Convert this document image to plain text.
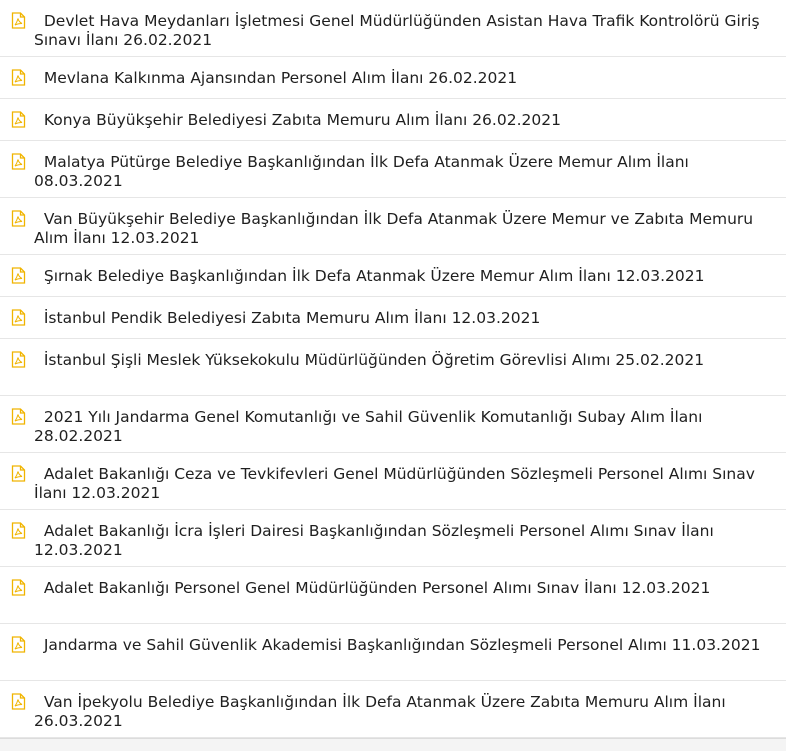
Devlet Hava Meydanları İşletmesi Genel Müdürlüğünden Asistan Hava Trafik Kontrolörü Giriş Sınavı İlanı 26.02.2021
Mevlana Kalkınma Ajansından Personel Alım İlanı 26.02.2021
Konya Büyükşehir Belediyesi Zabıta Memuru Alım İlanı 26.02.2021
Malatya Pütürge Belediye Başkanlığından İlk Defa Atanmak Üzere Memur Alım İlanı 08.03.2021
Van Büyükşehir Belediye Başkanlığından İlk Defa Atanmak Üzere Memur ve Zabıta Memuru Alım İlanı 12.03.2021
Şırnak Belediye Başkanlığından İlk Defa Atanmak Üzere Memur Alım İlanı 12.03.2021
İstanbul Pendik Belediyesi Zabıta Memuru Alım İlanı 12.03.2021
İstanbul Şişli Meslek Yüksekokulu Müdürlüğünden Öğretim Görevlisi Alımı 25.02.2021
2021 Yılı Jandarma Genel Komutanlığı ve Sahil Güvenlik Komutanlığı Subay Alım İlanı 28.02.2021
Adalet Bakanlığı Ceza ve Tevkifevleri Genel Müdürlüğünden Sözleşmeli Personel Alımı Sınav İlanı 12.03.2021
Adalet Bakanlığı İcra İşleri Dairesi Başkanlığından Sözleşmeli Personel Alımı Sınav İlanı 12.03.2021
Adalet Bakanlığı Personel Genel Müdürlüğünden Personel Alımı Sınav İlanı 12.03.2021
Jandarma ve Sahil Güvenlik Akademisi Başkanlığından Sözleşmeli Personel Alımı 11.03.2021
Van İpekyolu Belediye Başkanlığından İlk Defa Atanmak Üzere Zabıta Memuru Alım İlanı 26.03.2021
